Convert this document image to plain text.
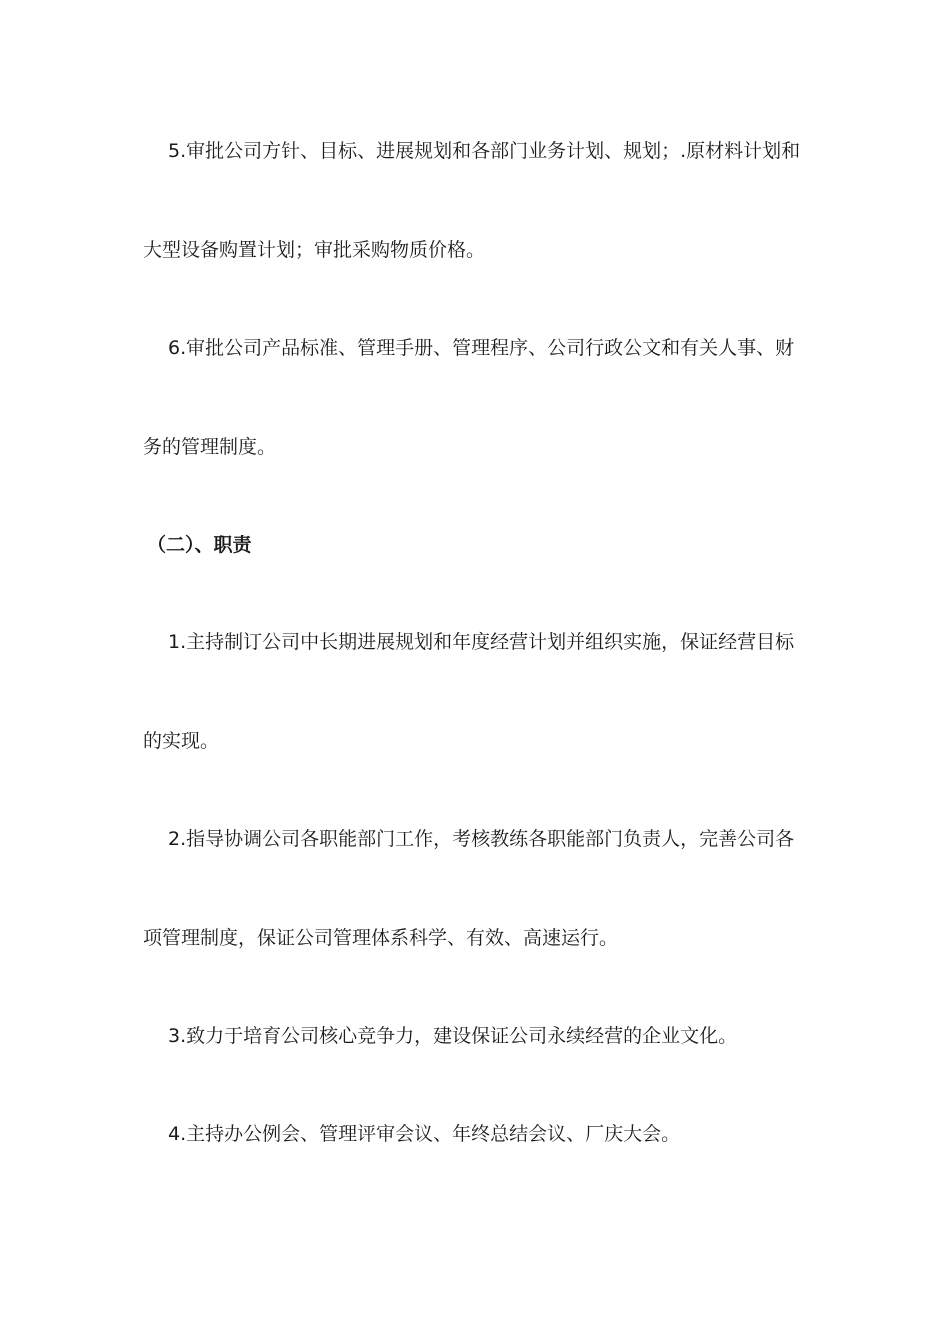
5.审批公司方针、目标、进展规划和各部门业务计划、规划；.原材料计划和
大型设备购置计划；审批采购物质价格。
6.审批公司产品标准、管理手册、管理程序、公司行政公文和有关人事、财
务的管理制度。
（二）、职责
1.主持制订公司中长期进展规划和年度经营计划并组织实施，保证经营目标
的实现。
2.指导协调公司各职能部门工作，考核教练各职能部门负责人，完善公司各
项管理制度，保证公司管理体系科学、有效、高速运行。
3.致力于培育公司核心竞争力，建设保证公司永续经营的企业文化。
4.主持办公例会、管理评审会议、年终总结会议、厂庆大会。
